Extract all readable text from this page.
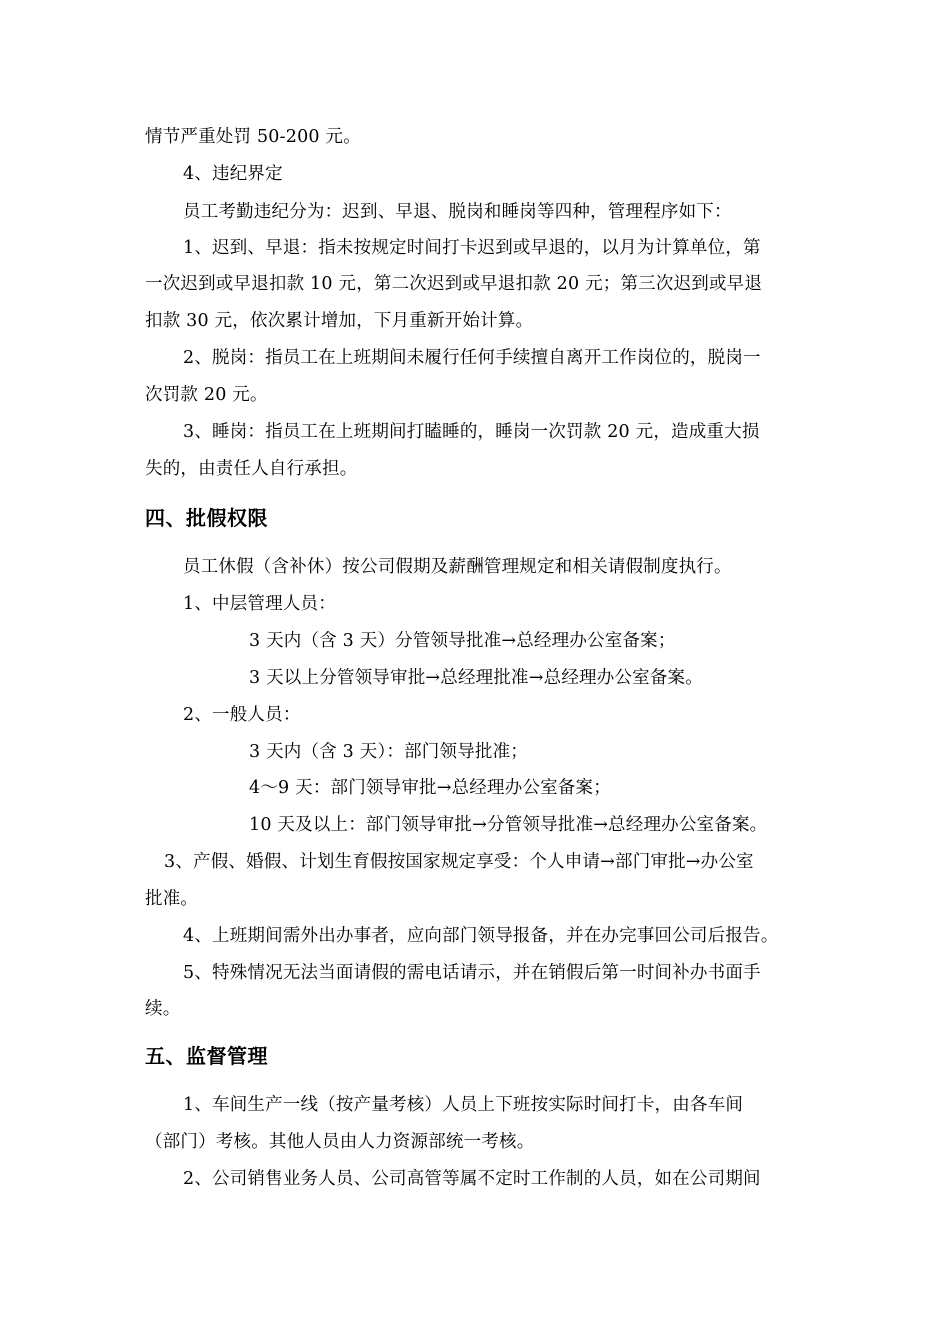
情节严重处罚 50-200 元。
4、违纪界定
员工考勤违纪分为：迟到、早退、脱岗和睡岗等四种，管理程序如下：
1、迟到、早退：指未按规定时间打卡迟到或早退的，以月为计算单位，第
一次迟到或早退扣款 10 元，第二次迟到或早退扣款 20 元；第三次迟到或早退
扣款 30 元，依次累计增加，下月重新开始计算。
2、脱岗：指员工在上班期间未履行任何手续擅自离开工作岗位的，脱岗一
次罚款 20 元。
3、睡岗：指员工在上班期间打瞌睡的，睡岗一次罚款 20 元，造成重大损
失的，由责任人自行承担。
四、批假权限
员工休假（含补休）按公司假期及薪酬管理规定和相关请假制度执行。
1、中层管理人员：
3 天内（含 3 天）分管领导批准→总经理办公室备案；
3 天以上分管领导审批→总经理批准→总经理办公室备案。
2、一般人员：
3 天内（含 3 天）：部门领导批准；
4～9 天：部门领导审批→总经理办公室备案；
10 天及以上：部门领导审批→分管领导批准→总经理办公室备案。
3、产假、婚假、计划生育假按国家规定享受：个人申请→部门审批→办公室
批准。
4、上班期间需外出办事者，应向部门领导报备，并在办完事回公司后报告。
5、特殊情况无法当面请假的需电话请示，并在销假后第一时间补办书面手
续。
五、监督管理
1、车间生产一线（按产量考核）人员上下班按实际时间打卡，由各车间
（部门）考核。其他人员由人力资源部统一考核。
2、公司销售业务人员、公司高管等属不定时工作制的人员，如在公司期间
